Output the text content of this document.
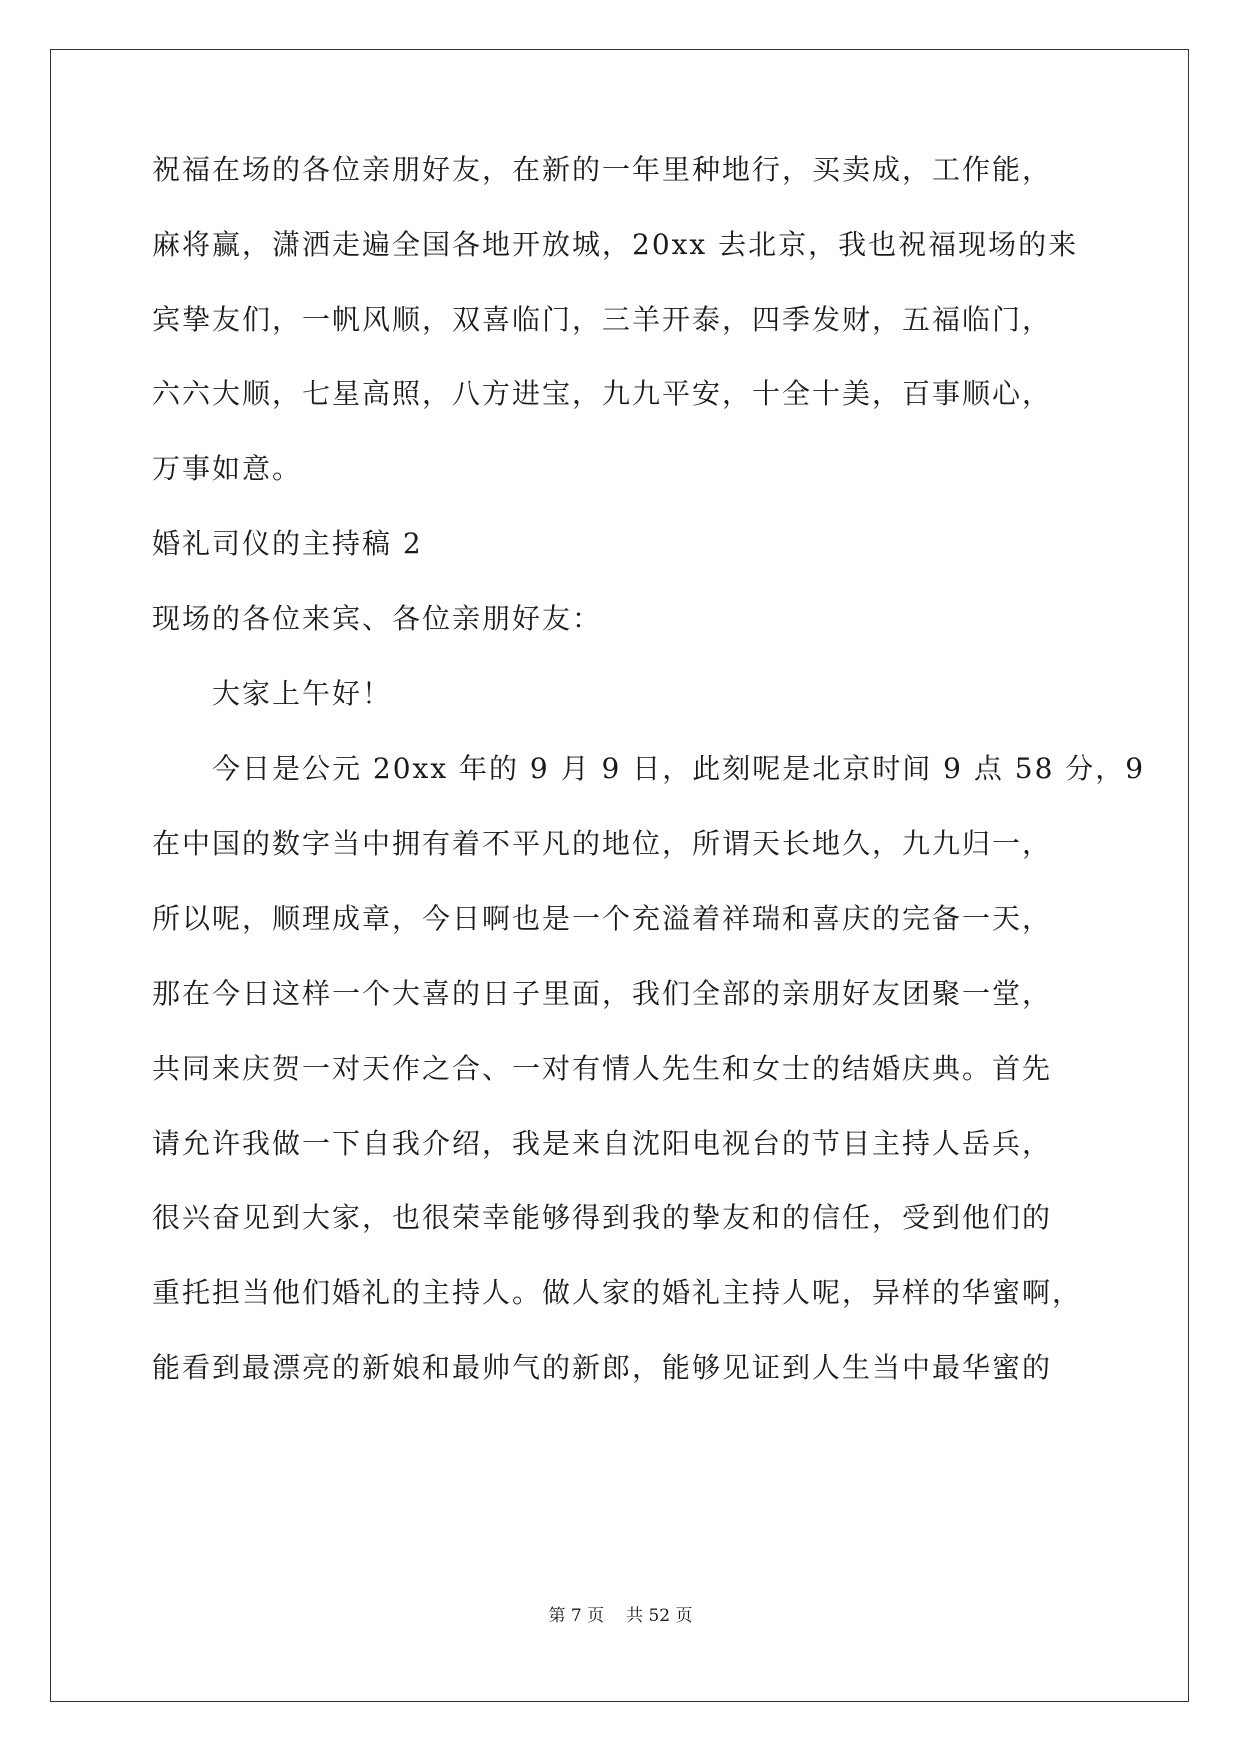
祝福在场的各位亲朋好友，在新的一年里种地行，买卖成，工作能，
麻将赢，潇洒走遍全国各地开放城，20xx 去北京，我也祝福现场的来
宾挚友们，一帆风顺，双喜临门，三羊开泰，四季发财，五福临门，
六六大顺，七星高照，八方进宝，九九平安，十全十美，百事顺心，
万事如意。
婚礼司仪的主持稿 2
现场的各位来宾、各位亲朋好友：
大家上午好！
今日是公元 20xx 年的 9 月 9 日，此刻呢是北京时间 9 点 58 分，9
在中国的数字当中拥有着不平凡的地位，所谓天长地久，九九归一，
所以呢，顺理成章，今日啊也是一个充溢着祥瑞和喜庆的完备一天，
那在今日这样一个大喜的日子里面，我们全部的亲朋好友团聚一堂，
共同来庆贺一对天作之合、一对有情人先生和女士的结婚庆典。首先
请允许我做一下自我介绍，我是来自沈阳电视台的节目主持人岳兵，
很兴奋见到大家，也很荣幸能够得到我的挚友和的信任，受到他们的
重托担当他们婚礼的主持人。做人家的婚礼主持人呢，异样的华蜜啊，
能看到最漂亮的新娘和最帅气的新郎，能够见证到人生当中最华蜜的
第 7 页 共 52 页
